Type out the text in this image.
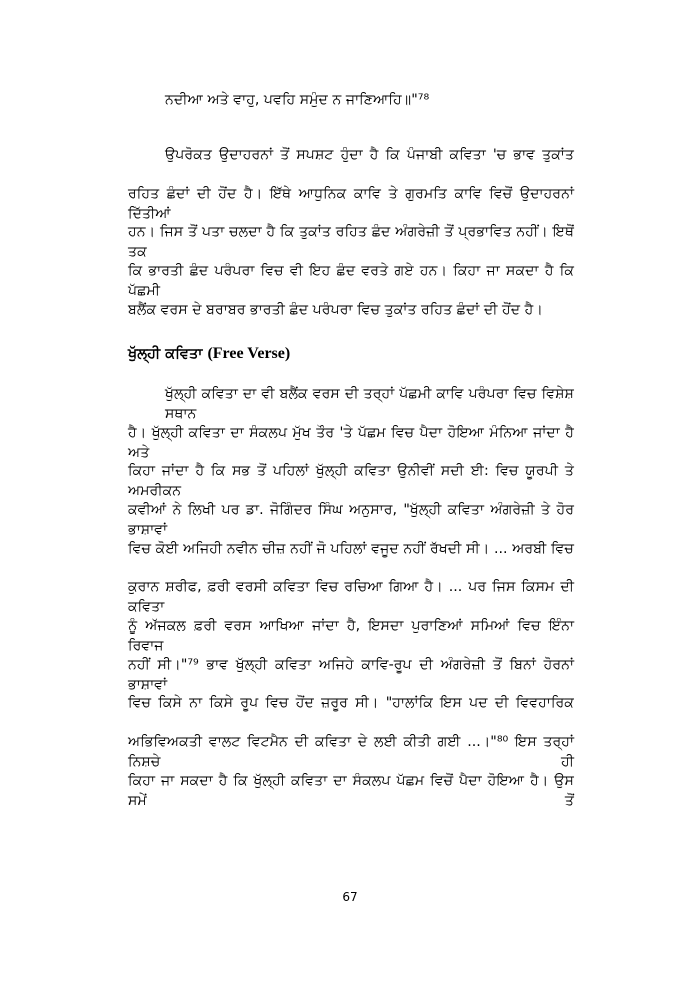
ਨਦੀਆ ਅਤੇ ਵਾਹੁ, ਪਵਹਿ ਸਮੁੰਦ ਨ ਜਾਣਿਆਹਿ॥"⁷⁸
ਉਪਰੋਕਤ ਉਦਾਹਰਨਾਂ ਤੋਂ ਸਪਸ਼ਟ ਹੁੰਦਾ ਹੈ ਕਿ ਪੰਜਾਬੀ ਕਵਿਤਾ 'ਚ ਭਾਵ ਤੁਕਾਂਤ
ਰਹਿਤ ਛੰਦਾਂ ਦੀ ਹੋਂਦ ਹੈ। ਇੱਥੇ ਆਧੁਨਿਕ ਕਾਵਿ ਤੇ ਗੁਰਮਤਿ ਕਾਵਿ ਵਿਚੋਂ ਉਦਾਹਰਨਾਂ ਦਿੱਤੀਆਂ
ਹਨ। ਜਿਸ ਤੋਂ ਪਤਾ ਚਲਦਾ ਹੈ ਕਿ ਤੁਕਾਂਤ ਰਹਿਤ ਛੰਦ ਅੰਗਰੇਜ਼ੀ ਤੋਂ ਪ੍ਰਭਾਵਿਤ ਨਹੀਂ। ਇਥੋਂ ਤਕ
ਕਿ ਭਾਰਤੀ ਛੰਦ ਪਰੰਪਰਾ ਵਿਚ ਵੀ ਇਹ ਛੰਦ ਵਰਤੇ ਗਏ ਹਨ। ਕਿਹਾ ਜਾ ਸਕਦਾ ਹੈ ਕਿ ਪੱਛਮੀ
ਬਲੈਂਕ ਵਰਸ ਦੇ ਬਰਾਬਰ ਭਾਰਤੀ ਛੰਦ ਪਰੰਪਰਾ ਵਿਚ ਤੁਕਾਂਤ ਰਹਿਤ ਛੰਦਾਂ ਦੀ ਹੋਂਦ ਹੈ।
ਖੁੱਲ੍ਹੀ ਕਵਿਤਾ (Free Verse)
ਖੁੱਲ੍ਹੀ ਕਵਿਤਾ ਦਾ ਵੀ ਬਲੈਂਕ ਵਰਸ ਦੀ ਤਰ੍ਹਾਂ ਪੱਛਮੀ ਕਾਵਿ ਪਰੰਪਰਾ ਵਿਚ ਵਿਸ਼ੇਸ਼ ਸਥਾਨ
ਹੈ। ਖੁੱਲ੍ਹੀ ਕਵਿਤਾ ਦਾ ਸੰਕਲਪ ਮੁੱਖ ਤੌਰ 'ਤੇ ਪੱਛਮ ਵਿਚ ਪੈਦਾ ਹੋਇਆ ਮੰਨਿਆ ਜਾਂਦਾ ਹੈ ਅਤੇ
ਕਿਹਾ ਜਾਂਦਾ ਹੈ ਕਿ ਸਭ ਤੋਂ ਪਹਿਲਾਂ ਖੁੱਲ੍ਹੀ ਕਵਿਤਾ ਉਨੀਵੀਂ ਸਦੀ ਈ: ਵਿਚ ਯੂਰਪੀ ਤੇ ਅਮਰੀਕਨ
ਕਵੀਆਂ ਨੇ ਲਿਖੀ ਪਰ ਡਾ. ਜੋਗਿੰਦਰ ਸਿੰਘ ਅਨੁਸਾਰ, "ਖੁੱਲ੍ਹੀ ਕਵਿਤਾ ਅੰਗਰੇਜ਼ੀ ਤੇ ਹੋਰ ਭਾਸ਼ਾਵਾਂ
ਵਿਚ ਕੋਈ ਅਜਿਹੀ ਨਵੀਨ ਚੀਜ਼ ਨਹੀਂ ਜੋ ਪਹਿਲਾਂ ਵਜੂਦ ਨਹੀਂ ਰੱਖਦੀ ਸੀ। ... ਅਰਬੀ ਵਿਚ
ਕੁਰਾਨ ਸ਼ਰੀਫ, ਫ਼ਰੀ ਵਰਸੀ ਕਵਿਤਾ ਵਿਚ ਰਚਿਆ ਗਿਆ ਹੈ। ... ਪਰ ਜਿਸ ਕਿਸਮ ਦੀ ਕਵਿਤਾ
ਨੂੰ ਅੱਜਕਲ ਫ਼ਰੀ ਵਰਸ ਆਖਿਆ ਜਾਂਦਾ ਹੈ, ਇਸਦਾ ਪੁਰਾਣਿਆਂ ਸਮਿਆਂ ਵਿਚ ਇੰਨਾ ਰਿਵਾਜ
ਨਹੀਂ ਸੀ।"⁷⁹ ਭਾਵ ਖੁੱਲ੍ਹੀ ਕਵਿਤਾ ਅਜਿਹੇ ਕਾਵਿ-ਰੂਪ ਦੀ ਅੰਗਰੇਜ਼ੀ ਤੋਂ ਬਿਨਾਂ ਹੋਰਨਾਂ ਭਾਸ਼ਾਵਾਂ
ਵਿਚ ਕਿਸੇ ਨਾ ਕਿਸੇ ਰੂਪ ਵਿਚ ਹੋਂਦ ਜ਼ਰੂਰ ਸੀ। "ਹਾਲਾਂਕਿ ਇਸ ਪਦ ਦੀ ਵਿਵਹਾਰਿਕ
ਅਭਿਵਿਅਕਤੀ ਵਾਲਟ ਵਿਟਮੈਨ ਦੀ ਕਵਿਤਾ ਦੇ ਲਈ ਕੀਤੀ ਗਈ ...।"⁸⁰ ਇਸ ਤਰ੍ਹਾਂ ਨਿਸ਼ਚੇ ਹੀ
ਕਿਹਾ ਜਾ ਸਕਦਾ ਹੈ ਕਿ ਖੁੱਲ੍ਹੀ ਕਵਿਤਾ ਦਾ ਸੰਕਲਪ ਪੱਛਮ ਵਿਚੋਂ ਪੈਦਾ ਹੋਇਆ ਹੈ। ਉਸ ਸਮੇਂ ਤੋਂ
67
